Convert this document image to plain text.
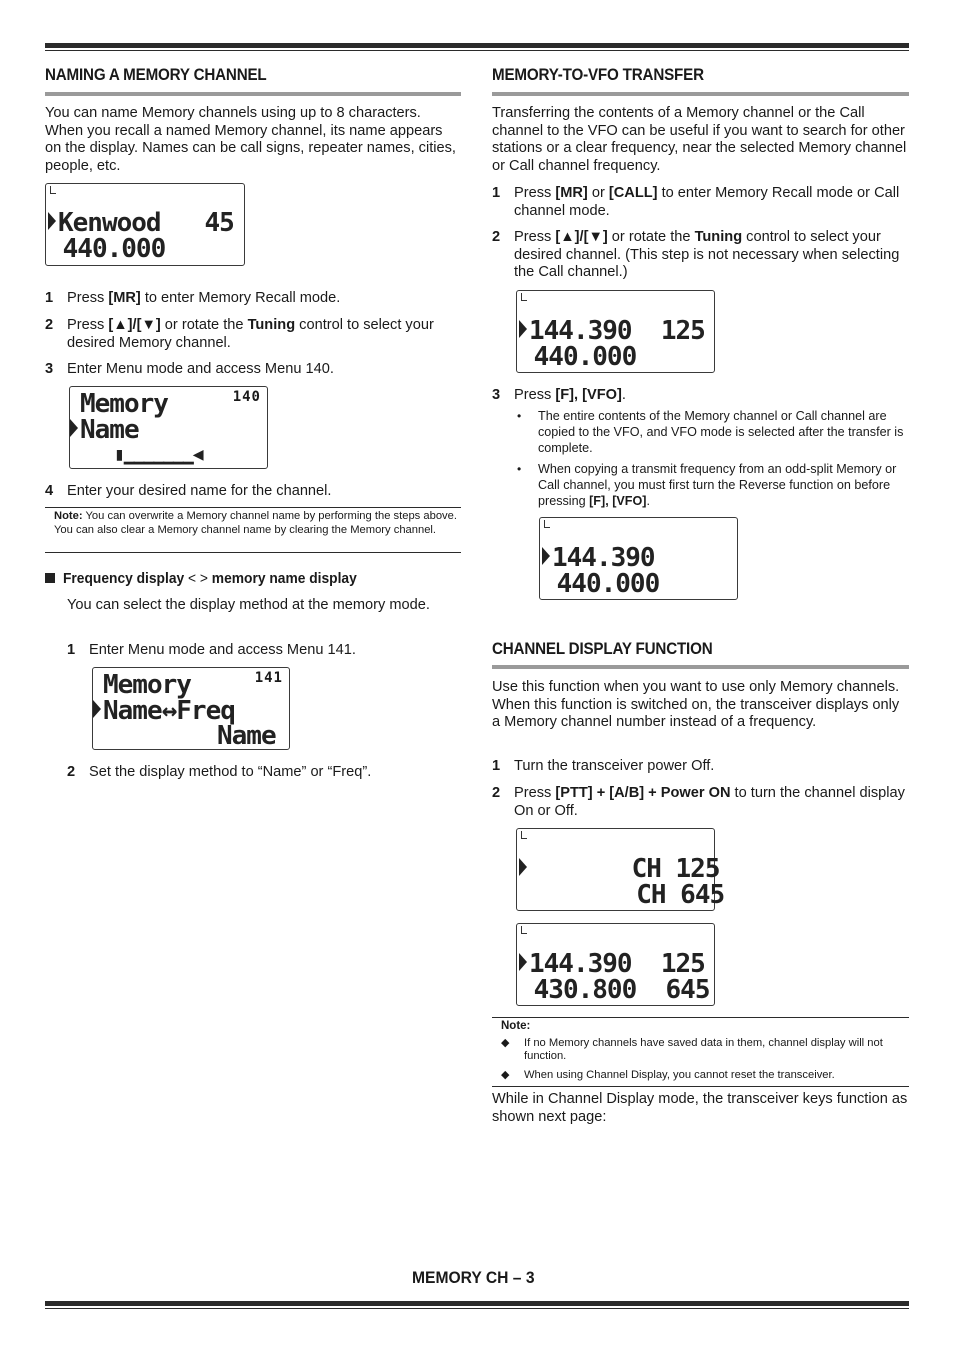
NAMING A MEMORY CHANNEL
You can name Memory channels using up to 8 characters. When you recall a named Memory channel, its name appears on the display. Names can be call signs, repeater names, cities, people, etc.
Kenwood   45
440.000
1 Press [MR] to enter Memory Recall mode.
2 Press [▲]/[▼] or rotate the Tuning control to select your desired Memory channel.
3 Enter Menu mode and access Menu 140.
140
Memory
Name
▮▁▁▁▁▁▁▁◀
4 Enter your desired name for the channel.
Note: You can overwrite a Memory channel name by performing the steps above. You can also clear a Memory channel name by clearing the Memory channel.
Frequency display < > memory name display
You can select the display method at the memory mode.
1 Enter Menu mode and access Menu 141.
141
Memory
Name↔Freq
Name
2 Set the display method to “Name” or “Freq”.
MEMORY-TO-VFO TRANSFER
Transferring the contents of a Memory channel or the Call channel to the VFO can be useful if you want to search for other stations or a clear frequency, near the selected Memory channel or Call channel frequency.
1 Press [MR] or [CALL] to enter Memory Recall mode or Call channel mode.
2 Press [▲]/[▼] or rotate the Tuning control to select your desired channel. (This step is not necessary when selecting the Call channel.)
144.390  125
440.000
3 Press [F], [VFO].
• The entire contents of the Memory channel or Call channel are copied to the VFO, and VFO mode is selected after the transfer is complete.
• When copying a transmit frequency from an odd-split Memory or Call channel, you must first turn the Reverse function on before pressing [F], [VFO].
144.390
440.000
CHANNEL DISPLAY FUNCTION
Use this function when you want to use only Memory channels. When this function is switched on, the transceiver displays only a Memory channel number instead of a frequency.
1 Turn the transceiver power Off.
2 Press [PTT] + [A/B] + Power ON to turn the channel display On or Off.
CH 125
CH 645
144.390  125
430.800  645
Note:
◆ If no Memory channels have saved data in them, channel display will not function.
◆ When using Channel Display, you cannot reset the transceiver.
While in Channel Display mode, the transceiver keys function as shown next page:
MEMORY CH – 3
